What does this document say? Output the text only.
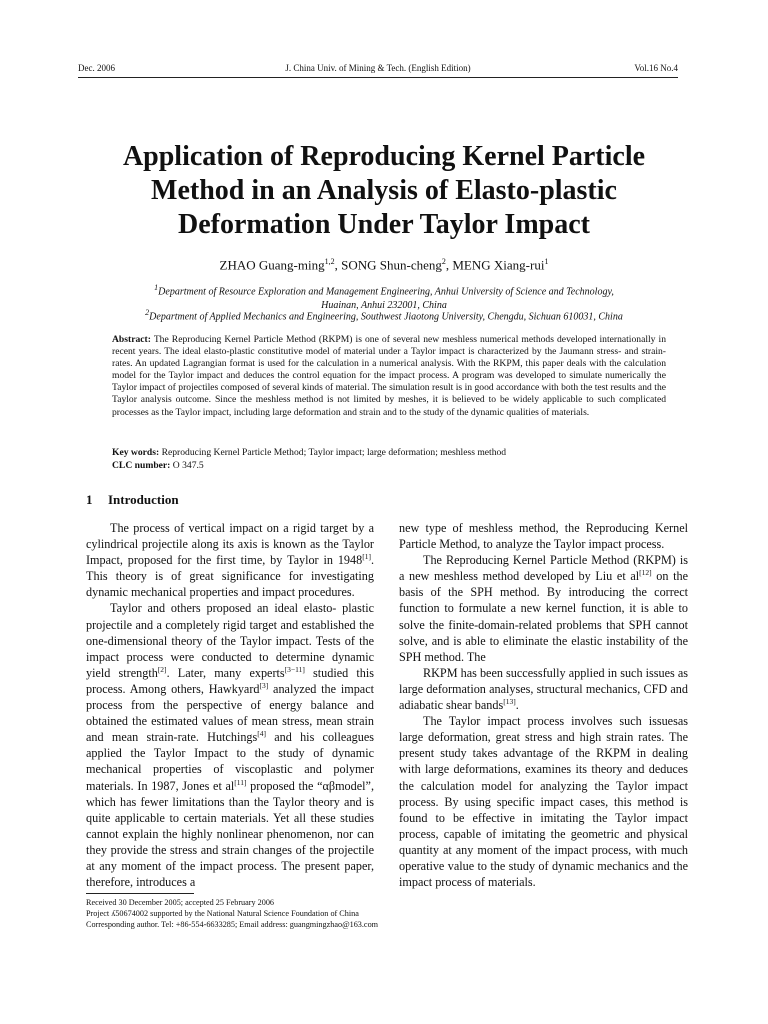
Dec. 2006	J. China Univ. of Mining & Tech. (English Edition)	Vol.16 No.4
Application of Reproducing Kernel Particle
Method in an Analysis of Elasto-plastic
Deformation Under Taylor Impact
ZHAO Guang-ming$^{1,2}$, SONG Shun-cheng$^2$, MENG Xiang-rui$^1$
$^1$Department of Resource Exploration and Management Engineering, Anhui University of Science and Technology,
Huainan, Anhui 232001, China
$^2$Department of Applied Mechanics and Engineering, Southwest Jiaotong University, Chengdu, Sichuan 610031, China
Abstract: The Reproducing Kernel Particle Method (RKPM) is one of several new meshless numerical methods developed internationally in recent years. The ideal elasto-plastic constitutive model of material under a Taylor impact is characterized by the Jaumann stress- and strain-rates. An updated Lagrangian format is used for the calculation in a numerical analysis. With the RKPM, this paper deals with the calculation model for the Taylor impact and deduces the control equation for the impact process. A program was developed to simulate numerically the Taylor impact of projectiles composed of several kinds of material. The simulation result is in good accordance with both the test results and the Taylor analysis outcome. Since the meshless method is not limited by meshes, it is believed to be widely applicable to such complicated processes as the Taylor impact, including large deformation and strain and to the study of the dynamic qualities of materials.
Key words: Reproducing Kernel Particle Method; Taylor impact; large deformation; meshless method
CLC number: O 347.5
1 Introduction

The process of vertical impact on a rigid target by a cylindrical projectile along its axis is known as the Taylor Impact, proposed for the first time, by Taylor in 1948[1]. This theory is of great significance for investigating dynamic mechanical properties and impact procedures.

Taylor and others proposed an ideal elasto- plastic projectile and a completely rigid target and established the one-dimensional theory of the Taylor impact. Tests of the impact process were conducted to determine dynamic yield strength[2]. Later, many experts[3−11] studied this process. Among others, Hawkyard[3] analyzed the impact process from the perspective of energy balance and obtained the estimated values of mean stress, mean strain and mean strain-rate. Hutchings[4] and his colleagues applied the Taylor Impact to the study of dynamic mechanical properties of viscoplastic and polymer materials. In 1987, Jones et al[11] proposed the “αβmodel”, which has fewer limitations than the Taylor theory and is quite applicable to certain materials. Yet all these studies cannot explain the highly nonlinear phenomenon, nor can they provide the stress and strain changes of the projectile at any moment of the impact process. The present paper, therefore, introduces a

new type of meshless method, the Reproducing Kernel Particle Method, to analyze the Taylor impact process.

The Reproducing Kernel Particle Method (RKPM) is a new meshless method developed by Liu et al[12] on the basis of the SPH method. By introducing the correct function to formulate a new kernel function, it is able to solve the finite-domain-related problems that SPH cannot solve, and is able to eliminate the elastic instability of the SPH method. The

RKPM has been successfully applied in such issues as large deformation analyses, structural mechanics, CFD and adiabatic shear bands[13].

The Taylor impact process involves such issuesas large deformation, great stress and high strain rates. The present study takes advantage of the RKPM in dealing with large deformations, examines its theory and deduces the calculation model for analyzing the Taylor impact process. By using specific impact cases, this method is found to be effective in imitating the Taylor impact process, capable of imitating the geometric and physical quantity at any moment of the impact process, with much operative value to the study of dynamic mechanics and the impact process of materials.

Received 30 December 2005; accepted 25 February 2006
Project ʎ50674002 supported by the National Natural Science Foundation of China
Corresponding author. Tel: +86-554-6633285; Email address: guangmingzhao@163.com
